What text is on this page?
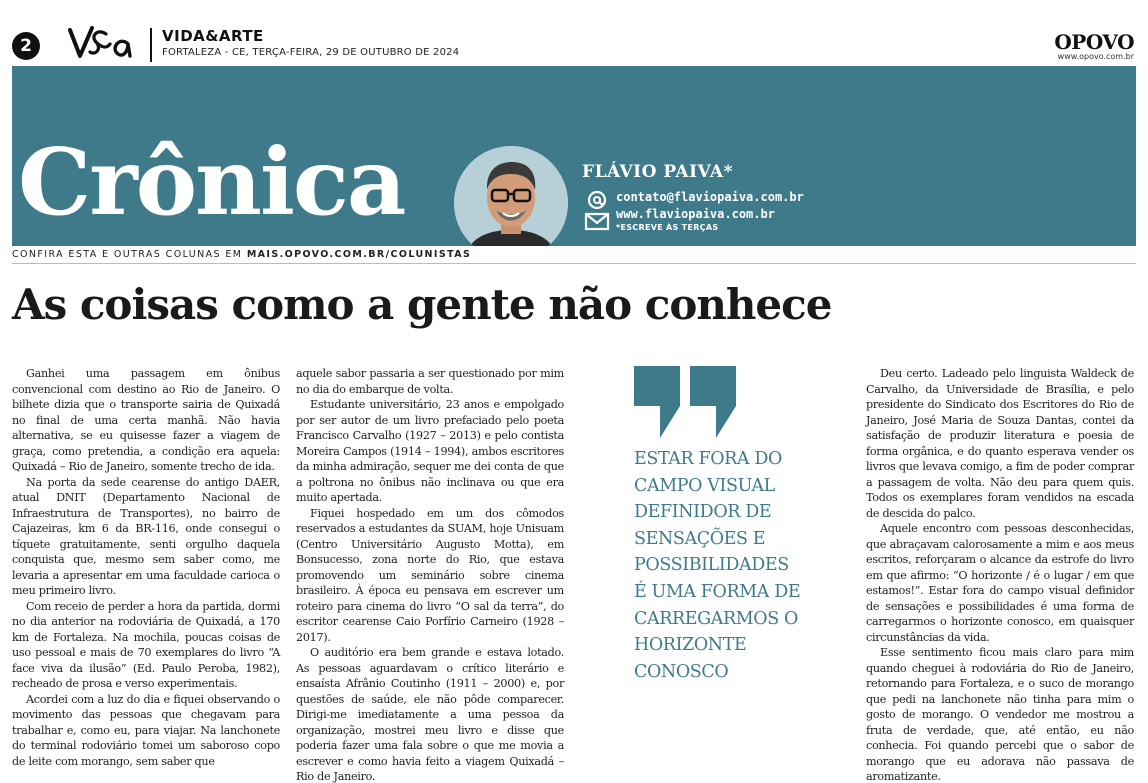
2	VIDA&ARTE
FORTALEZA - CE, TERÇA-FEIRA, 29 DE OUTUBRO DE 2024	OPOVO
www.opovo.com.br
Crônica	FLÁVIO PAIVA*
contato@flaviopaiva.com.br
www.flaviopaiva.com.br
*ESCREVE ÀS TERÇAS
CONFIRA ESTA E OUTRAS COLUNAS EM MAIS.OPOVO.COM.BR/COLUNISTAS
As coisas como a gente não conhece

Ganhei uma passagem em ônibus convencional com destino ao Rio de Janeiro. O bilhete dizia que o transporte sairia de Quixadá no final de uma certa manhã. Não havia alternativa, se eu quisesse fazer a viagem de graça, como pretendia, a condição era aquela: Quixadá – Rio de Janeiro, somente trecho de ida.

Na porta da sede cearense do antigo DAER, atual DNIT (Departamento Nacional de Infraestrutura de Transportes), no bairro de Cajazeiras, km 6 da BR-116, onde consegui o tíquete gratuitamente, senti orgulho daquela conquista que, mesmo sem saber como, me levaria a apresentar em uma faculdade carioca o meu primeiro livro.

Com receio de perder a hora da partida, dormi no dia anterior na rodoviária de Quixadá, a 170 km de Fortaleza. Na mochila, poucas coisas de uso pessoal e mais de 70 exemplares do livro “A face viva da ilusão” (Ed. Paulo Peroba, 1982), recheado de prosa e verso experimentais.

Acordei com a luz do dia e fiquei observando o movimento das pessoas que chegavam para trabalhar e, como eu, para viajar. Na lanchonete do terminal rodoviário tomei um saboroso copo de leite com morango, sem saber que

aquele sabor passaria a ser questionado por mim no dia do embarque de volta.

Estudante universitário, 23 anos e empolgado por ser autor de um livro prefaciado pelo poeta Francisco Carvalho (1927 – 2013) e pelo contista Moreira Campos (1914 – 1994), ambos escritores da minha admiração, sequer me dei conta de que a poltrona no ônibus não inclinava ou que era muito apertada.

Fiquei hospedado em um dos cômodos reservados a estudantes da SUAM, hoje Unisuam (Centro Universitário Augusto Motta), em Bonsucesso, zona norte do Rio, que estava promovendo um seminário sobre cinema brasileiro. À época eu pensava em escrever um roteiro para cinema do livro “O sal da terra”, do escritor cearense Caio Porfírio Carneiro (1928 – 2017).

O auditório era bem grande e estava lotado. As pessoas aguardavam o crítico literário e ensaísta Afrânio Coutinho (1911 – 2000) e, por questões de saúde, ele não pôde comparecer. Dirigi-me imediatamente a uma pessoa da organização, mostrei meu livro e disse que poderia fazer uma fala sobre o que me movia a escrever e como havia feito a viagem Quixadá – Rio de Janeiro.

ESTAR FORA DO CAMPO VISUAL DEFINIDOR DE SENSAÇÕES E POSSIBILIDADES É UMA FORMA DE CARREGARMOS O HORIZONTE CONOSCO

Deu certo. Ladeado pelo linguista Waldeck de Carvalho, da Universidade de Brasília, e pelo presidente do Sindicato dos Escritores do Rio de Janeiro, José Maria de Souza Dantas, contei da satisfação de produzir literatura e poesia de forma orgânica, e do quanto esperava vender os livros que levava comigo, a fim de poder comprar a passagem de volta. Não deu para quem quis. Todos os exemplares foram vendidos na escada de descida do palco.

Aquele encontro com pessoas desconhecidas, que abraçavam calorosamente a mim e aos meus escritos, reforçaram o alcance da estrofe do livro em que afirmo: “O horizonte / é o lugar / em que estamos!”. Estar fora do campo visual definidor de sensações e possibilidades é uma forma de carregarmos o horizonte conosco, em quaisquer circunstâncias da vida.

Esse sentimento ficou mais claro para mim quando cheguei à rodoviária do Rio de Janeiro, retornando para Fortaleza, e o suco de morango que pedi na lanchonete não tinha para mim o gosto de morango. O vendedor me mostrou a fruta de verdade, que, até então, eu não conhecia. Foi quando percebi que o sabor de morango que eu adorava não passava de aromatizante.
